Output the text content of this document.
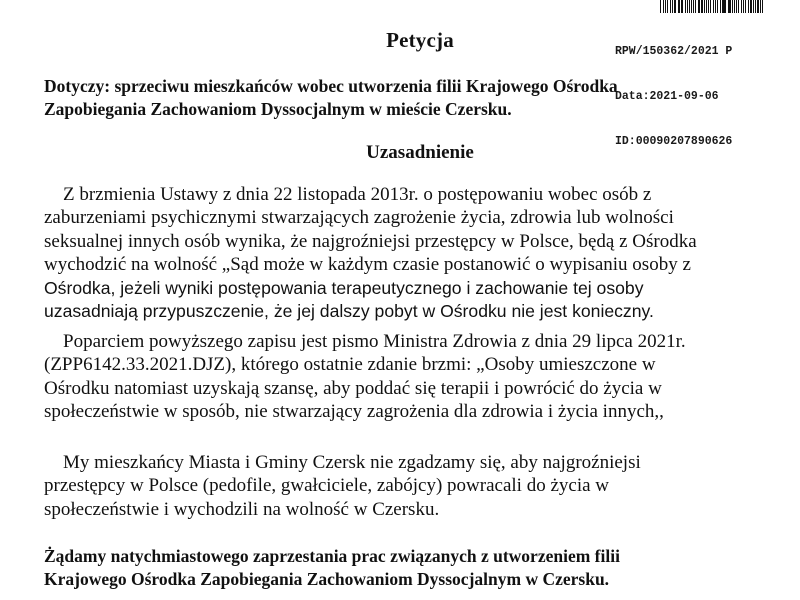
RPW/150362/2021 P

Data:2021-09-06

ID:00090207890626

Petycja
Dotyczy: sprzeciwu mieszkańców wobec utworzenia filii Krajowego Ośrodka
Zapobiegania Zachowaniom Dyssocjalnym w mieście Czersku.
Uzasadnienie
Z brzmienia Ustawy z dnia 22 listopada 2013r. o postępowaniu wobec osób z
zaburzeniami psychicznymi stwarzających zagrożenie życia, zdrowia lub wolności
seksualnej innych osób wynika, że najgroźniejsi przestępcy w Polsce, będą z Ośrodka
wychodzić na wolność „Sąd może w każdym czasie postanowić o wypisaniu osoby z
Ośrodka, jeżeli wyniki postępowania terapeutycznego i zachowanie tej osoby
uzasadniają przypuszczenie, że jej dalszy pobyt w Ośrodku nie jest konieczny.
Poparciem powyższego zapisu jest pismo Ministra Zdrowia z dnia 29 lipca 2021r.
(ZPP6142.33.2021.DJZ), którego ostatnie zdanie brzmi: „Osoby umieszczone w
Ośrodku natomiast uzyskają szansę, aby poddać się terapii i powrócić do życia w
społeczeństwie w sposób, nie stwarzający zagrożenia dla zdrowia i życia innych,,
My mieszkańcy Miasta i Gminy Czersk nie zgadzamy się, aby najgroźniejsi
przestępcy w Polsce (pedofile, gwałciciele, zabójcy) powracali do życia w
społeczeństwie i wychodzili na wolność w Czersku.
Żądamy natychmiastowego zaprzestania prac związanych z utworzeniem filii
Krajowego Ośrodka Zapobiegania Zachowaniom Dyssocjalnym w Czersku.
